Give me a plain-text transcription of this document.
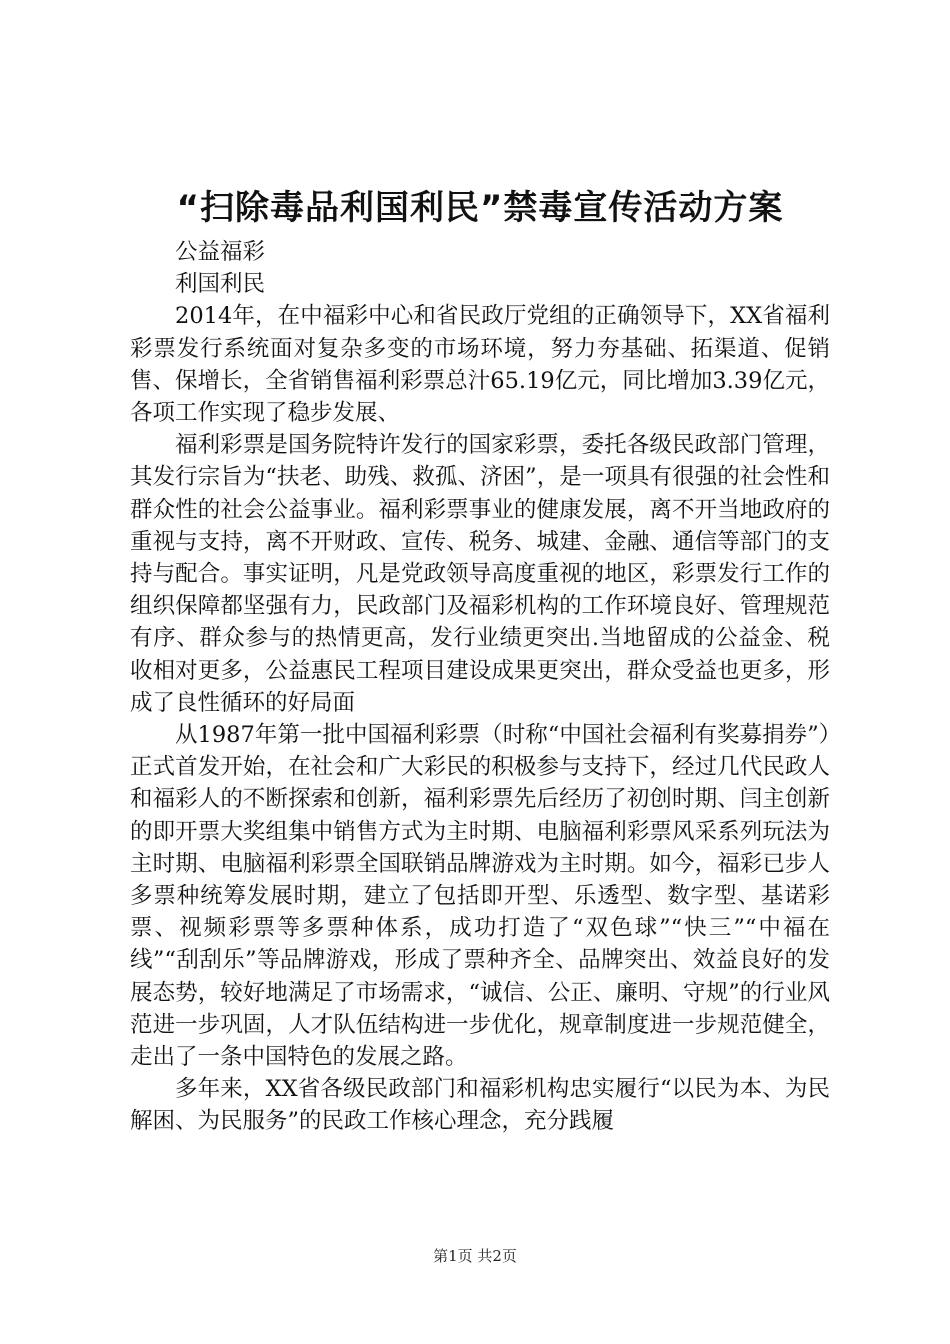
“扫除毒品利国利民”禁毒宣传活动方案

公益福彩

利国利民

2014年，在中福彩中心和省民政厅党组的正确领导下，XX省福利彩票发行系统面对复杂多变的市场环境，努力夯基础、拓渠道、促销售、保增长，全省销售福利彩票总汁65.19亿元，同比增加3.39亿元，各项工作实现了稳步发展、

福利彩票是国务院特许发行的国家彩票，委托各级民政部门管理，其发行宗旨为“扶老、助残、救孤、济困”，是一项具有很强的社会性和群众性的社会公益事业。福利彩票事业的健康发展，离不开当地政府的重视与支持，离不开财政、宣传、税务、城建、金融、通信等部门的支持与配合。事实证明，凡是党政领导高度重视的地区，彩票发行工作的组织保障都坚强有力，民政部门及福彩机构的工作环境良好、管理规范有序、群众参与的热情更高，发行业绩更突出.当地留成的公益金、税收相对更多，公益惠民工程项目建设成果更突出，群众受益也更多，形成了良性循环的好局面

从1987年第一批中国福利彩票（时称“中国社会福利有奖募捐券”）正式首发开始，在社会和广大彩民的积极参与支持下，经过几代民政人和福彩人的不断探索和创新，福利彩票先后经历了初创时期、闫主创新的即开票大奖组集中销售方式为主时期、电脑福利彩票风采系列玩法为主时期、电脑福利彩票全国联销品牌游戏为主时期。如今，福彩已步人多票种统筹发展时期，建立了包括即开型、乐透型、数字型、基诺彩票、视频彩票等多票种体系，成功打造了“双色球”“快三”“中福在线”“刮刮乐”等品牌游戏，形成了票种齐全、品牌突出、效益良好的发展态势，较好地满足了市场需求，“诚信、公正、廉明、守规”的行业风范进一步巩固，人才队伍结构进一步优化，规章制度进一步规范健全，走出了一条中国特色的发展之路。

多年来，XX省各级民政部门和福彩机构忠实履行“以民为本、为民解困、为民服务”的民政工作核心理念，充分践履

第1页 共2页
